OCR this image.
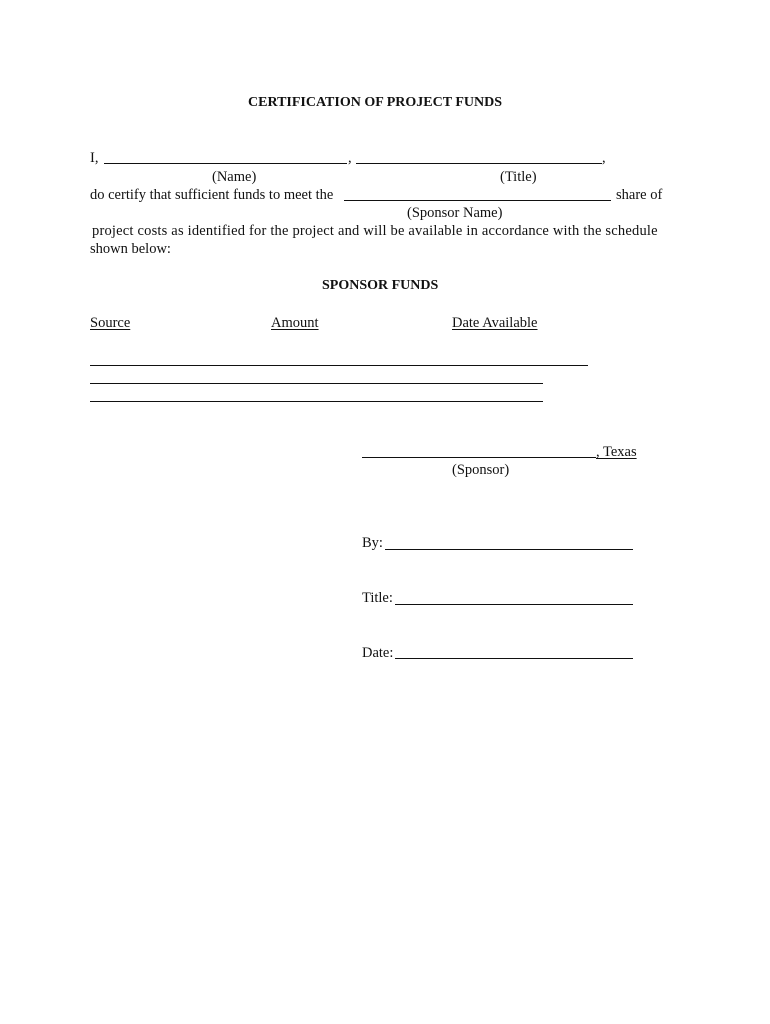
CERTIFICATION OF PROJECT FUNDS
I,	,	,
(Name)	(Title)
do certify that sufficient funds to meet the	share of
(Sponsor Name)
project costs as identified for the project and will be available in accordance with the schedule
shown below:
SPONSOR FUNDS
Source	Amount	Date Available
, Texas
(Sponsor)
By:
Title:
Date:
